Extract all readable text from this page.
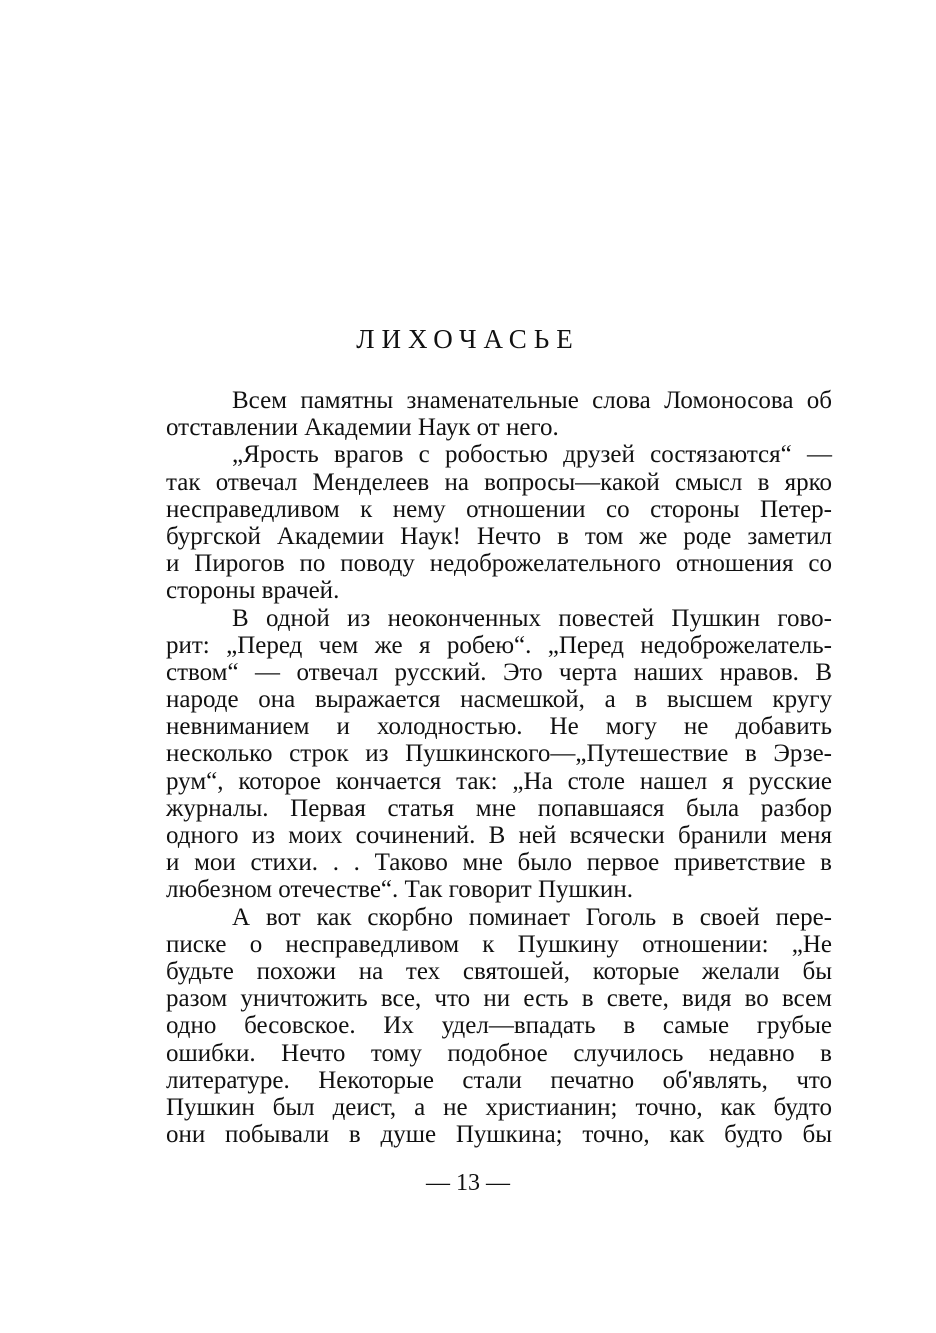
ЛИХОЧАСЬЕ
Всем памятны знаменательные слова Ломоносова об
отставлении Академии Наук от него.
„Ярость врагов с робостью друзей состязаются“ —
так отвечал Менделеев на вопросы—какой смысл в ярко
несправедливом к нему отношении со стороны Петер-
бургской Академии Наук! Нечто в том же роде заметил
и Пирогов по поводу недоброжелательного отношения со
стороны врачей.
В одной из неоконченных повестей Пушкин гово-
рит: „Перед чем же я робею“. „Перед недоброжелатель-
ством“ — отвечал русский. Это черта наших нравов. В
народе она выражается насмешкой, а в высшем кругу
невниманием и холодностью. Не могу не добавить
несколько строк из Пушкинского—„Путешествие в Эрзе-
рум“, которое кончается так: „На столе нашел я русские
журналы. Первая статья мне попавшаяся была разбор
одного из моих сочинений. В ней всячески бранили меня
и мои стихи. . . Таково мне было первое приветствие в
любезном отечестве“. Так говорит Пушкин.
А вот как скорбно поминает Гоголь в своей пере-
писке о несправедливом к Пушкину отношении: „Не
будьте похожи на тех святошей, которые желали бы
разом уничтожить все, что ни есть в свете, видя во всем
одно бесовское. Их удел—впадать в самые грубые
ошибки. Нечто тому подобное случилось недавно в
литературе. Некоторые стали печатно об'являть, что
Пушкин был деист, а не христианин; точно, как будто
они побывали в душе Пушкина; точно, как будто бы
— 13 —
